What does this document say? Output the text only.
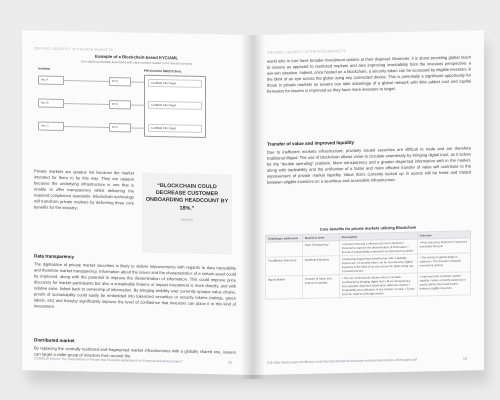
DRIVING LIQUIDITY IN PRIVATE MARKETS
Example of a Blockchain-based KYC/AML
One-step(s) potentially associated with each investor-related to the investor process
Investor
PM Investor Mkt/Ch./Inst.
Inv. A
Inv. B
Inv. C
KYC
KYC
KYC
Certified File Read
Certified File Read
Certified File Read
Private markets are opaque not because the market intended for there to be this way. They are opaque because the underlying infrastructure is one that is unable to offer transparency whilst delivering the required compliance standards. Blockchain technology will transform private markets by delivering three core benefits for the industry:
“BLOCKCHAIN COULD DECREASE CUSTOMER ONBOARDING HEADCOUNT BY 18%.”
McKinsey
Data transparency
The digitisation of private market securities is likely to deliver improvements with regards to data traceability and therefore market transparency. Information about the issuer and the characteristics of a certain asset could be improved, along with the potential to improve the dissemination of information. This could improve price discovery for market participants but also a sustainable finance or impact investment is more directly, and with relative ease, linked back to ownership of information. By bringing visibility over currently opaque value chains, proofs of sustainability could easily be embedded into tokenized securities or security tokens (ratings, green labels, etc) and thereby significantly improve the level of confidence that investors can place it in this kind of investment.
Distributed market
By replacing the centrally restricted and fragmented market infrastructures with a globally shared one, issuers can target a wider group of investors from around the
CONSILIO Report: The Tokenisation of Private and Financial Applications for Financial Industries project?	12
DRIVING LIQUIDITY IN PRIVATE MARKETS
world who in turn have broader investment options at their disposal. Moreover, it is about providing global reach to issuers as opposed to restricted markets and also improving investability from the investors perspective: a win-win situation. Indeed, once hosted on a blockchain, a security token can be accessed by eligible investors in the blink of an eye across the globe using any connected device. This is potentially a significant opportunity for those in private markets as issuers can take advantage of a global network with little added cost and capital formation for issuers is improved as they have more investors to target.
Transfer of value and improved liquidity
Due to inefficient markets infrastructure, privately issued securities are difficult to trade and are therefore traditional illiquid. The use of blockchain allows value to circulate seamlessly by bringing digital trust, as it solves for the “double spending” problem. More transparency and a greater dispersed information with in the market, along with tradeability and the unification of a faster and more efficient transfer of value will contribute to the improvement of private market liquidity. Value that's currently locked up in assets will be freed and traded between eligible investors on a seamless and accessible infrastructure.
Core benefits for private markets utilizing Blockchain
Challenges addressed	Business lever	Description	Outcome
	Data Transparency	• Investor trust and a efficient and more informed • Potential to improve the dissemination of information • Proofs of sustainability embedded via tokenized securities	• Price discovery improved • Improved investable lifecycle
Fund/Broker Discovery	Distributed Markets	• Replacing fragmented infrastructure with a globally shared one • A security token can be accessed by eligible investors in the blink of an eye across the globe using any connected device	• The investor's global target is widened • The investor's Network investment options
Illiquid Market	Transfer of Value and improved Liquidity	• The use of blockchain allows value to circulate seamlessly by bringing digital trust • More transparency and a greater dispersed information within the market • Tradeability and unification of fast transfer of value • Funds won't be hastened through assets	• Improvements of private market liquidity • Value currently locked up in assets will be freed and traded between eligible investors
[13] https://www.ssga.com/library-content/products/fund-docs/private-markets-tokenization-white-paper.pdf	13
